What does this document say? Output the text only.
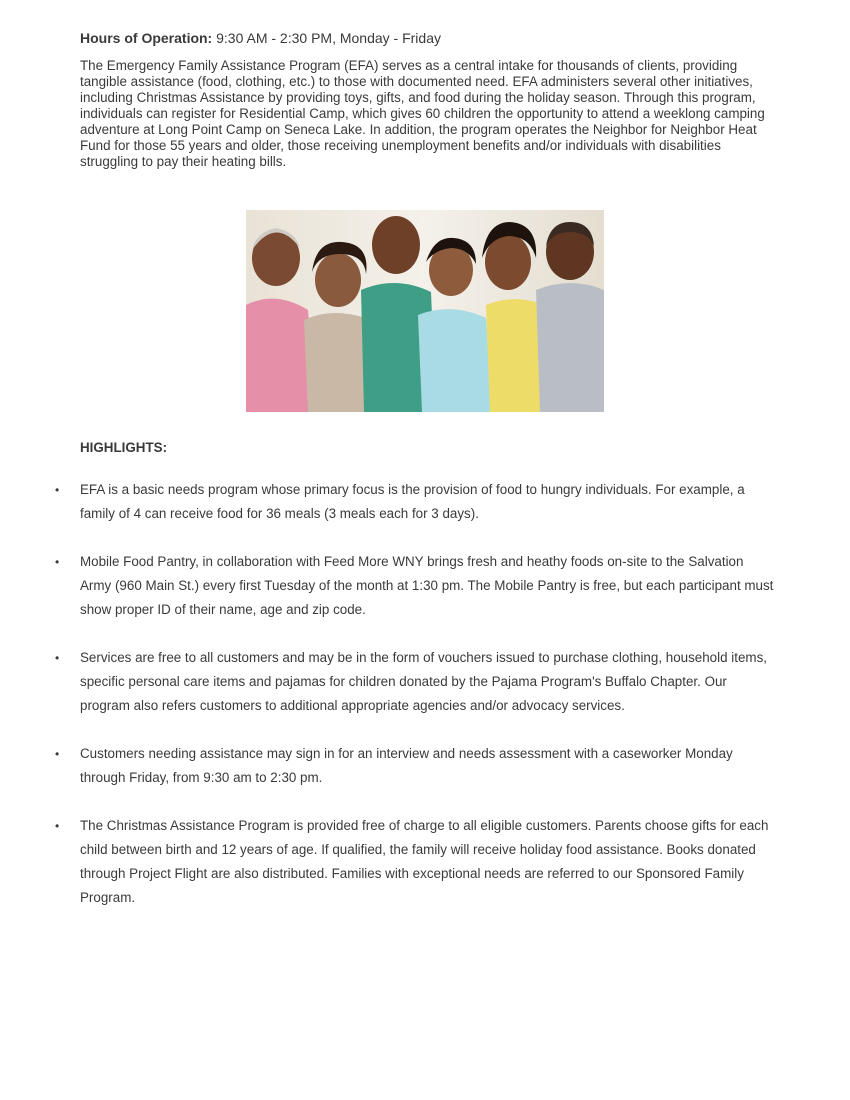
Hours of Operation: 9:30 AM - 2:30 PM, Monday - Friday

The Emergency Family Assistance Program (EFA) serves as a central intake for thousands of clients, providing tangible assistance (food, clothing, etc.) to those with documented need. EFA administers several other initiatives, including Christmas Assistance by providing toys, gifts, and food during the holiday season. Through this program, individuals can register for Residential Camp, which gives 60 children the opportunity to attend a weeklong camping adventure at Long Point Camp on Seneca Lake. In addition, the program operates the Neighbor for Neighbor Heat Fund for those 55 years and older, those receiving unemployment benefits and/or individuals with disabilities struggling to pay their heating bills.

HIGHLIGHTS:

•	EFA is a basic needs program whose primary focus is the provision of food to hungry individuals. For example, a family of 4 can receive food for 36 meals (3 meals each for 3 days).
•	Mobile Food Pantry, in collaboration with Feed More WNY brings fresh and heathy foods on-site to the Salvation Army (960 Main St.) every first Tuesday of the month at 1:30 pm. The Mobile Pantry is free, but each participant must show proper ID of their name, age and zip code.
•	Services are free to all customers and may be in the form of vouchers issued to purchase clothing, household items, specific personal care items and pajamas for children donated by the Pajama Program's Buffalo Chapter. Our program also refers customers to additional appropriate agencies and/or advocacy services.
•	Customers needing assistance may sign in for an interview and needs assessment with a caseworker Monday through Friday, from 9:30 am to 2:30 pm.
•	The Christmas Assistance Program is provided free of charge to all eligible customers. Parents choose gifts for each child between birth and 12 years of age. If qualified, the family will receive holiday food assistance. Books donated through Project Flight are also distributed. Families with exceptional needs are referred to our Sponsored Family Program.
